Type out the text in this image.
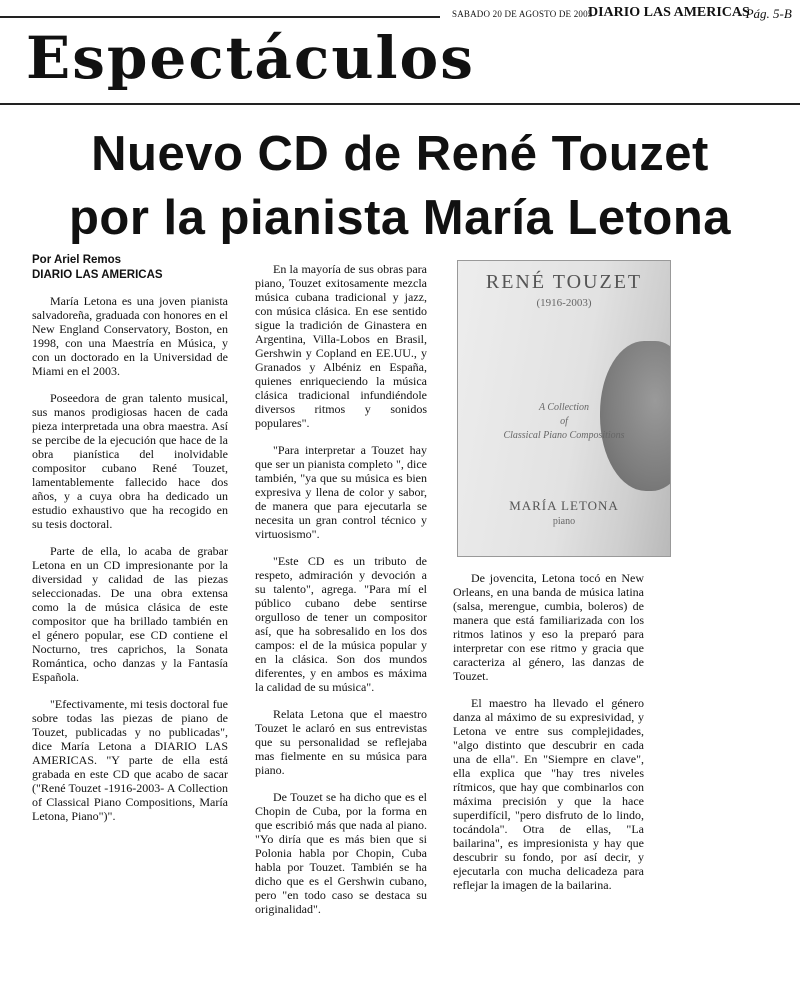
SABADO 20 DE AGOSTO DE 2005
DIARIO LAS AMERICAS
- Pág. 5-B
Espectáculos
Nuevo CD de René Touzet
por la pianista María Letona
Por Ariel Remos
DIARIO LAS AMERICAS

María Letona es una joven pianista salvadoreña, graduada con honores en el New England Conservatory, Boston, en 1998, con una Maestría en Música, y con un doctorado en la Universidad de Miami en el 2003.

Poseedora de gran talento musical, sus manos prodigiosas hacen de cada pieza interpretada una obra maestra. Así se percibe de la ejecución que hace de la obra pianística del inolvidable compositor cubano René Touzet, lamentablemente fallecido hace dos años, y a cuya obra ha dedicado un estudio exhaustivo que ha recogido en su tesis doctoral.

Parte de ella, lo acaba de grabar Letona en un CD impresionante por la diversidad y calidad de las piezas seleccionadas. De una obra extensa como la de música clásica de este compositor que ha brillado también en el género popular, ese CD contiene el Nocturno, tres caprichos, la Sonata Romántica, ocho danzas y la Fantasía Española.

"Efectivamente, mi tesis doctoral fue sobre todas las piezas de piano de Touzet, publicadas y no publicadas", dice María Letona a DIARIO LAS AMERICAS. "Y parte de ella está grabada en este CD que acabo de sacar ("René Touzet -1916-2003- A Collection of Classical Piano Compositions, María Letona, Piano")".

En la mayoría de sus obras para piano, Touzet exitosamente mezcla música cubana tradicional y jazz, con música clásica. En ese sentido sigue la tradición de Ginastera en Argentina, Villa-Lobos en Brasil, Gershwin y Copland en EE.UU., y Granados y Albéniz en España, quienes enriqueciendo la música clásica tradicional infundiéndole diversos ritmos y sonidos populares".

"Para interpretar a Touzet hay que ser un pianista completo ", dice también, "ya que su música es bien expresiva y llena de color y sabor, de manera que para ejecutarla se necesita un gran control técnico y virtuosismo".

"Este CD es un tributo de respeto, admiración y devoción a su talento", agrega. "Para mí el público cubano debe sentirse orgulloso de tener un compositor así, que ha sobresalido en los dos campos: el de la música popular y en la clásica. Son dos mundos diferentes, y en ambos es máxima la calidad de su música".

Relata Letona que el maestro Touzet le aclaró en sus entrevistas que su personalidad se reflejaba mas fielmente en su música para piano.

De Touzet se ha dicho que es el Chopin de Cuba, por la forma en que escribió más que nada al piano. "Yo diría que es más bien que si Polonia habla por Chopin, Cuba habla por Touzet. También se ha dicho que es el Gershwin cubano, pero "en todo caso se destaca su originalidad".

RENÉ TOUZET
(1916-2003)
A Collection
of
Classical Piano Compositions
MARÍA LETONA
piano

De jovencita, Letona tocó en New Orleans, en una banda de música latina (salsa, merengue, cumbia, boleros) de manera que está familiarizada con los ritmos latinos y eso la preparó para interpretar con ese ritmo y gracia que caracteriza al género, las danzas de Touzet.

El maestro ha llevado el género danza al máximo de su expresividad, y Letona ve entre sus complejidades, "algo distinto que descubrir en cada una de ella". En "Siempre en clave", ella explica que "hay tres niveles rítmicos, que hay que combinarlos con máxima precisión y que la hace superdifícil, "pero disfruto de lo lindo, tocándola". Otra de ellas, "La bailarina", es impresionista y hay que descubrir su fondo, por así decir, y ejecutarla con mucha delicadeza para reflejar la imagen de la bailarina.
